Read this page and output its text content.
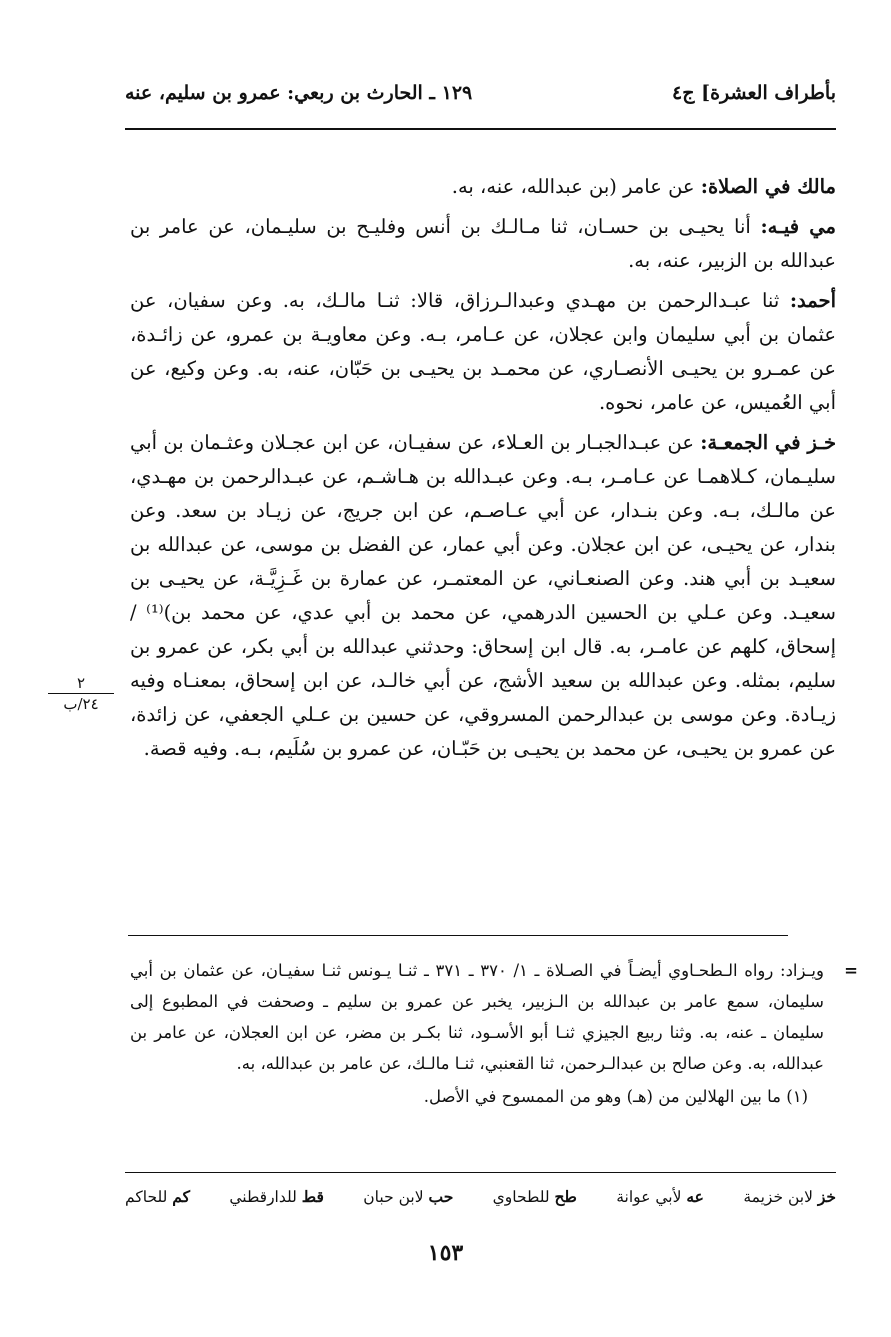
بأطراف العشرة] ج٤
١٢٩ ـ الحارث بن ربعي: عمرو بن سليم، عنه

مالك في الصلاة: عن عامر (بن عبدالله، عنه، به.

مي فيـه: أنا يحيـى بن حسـان، ثنا مـالـك بن أنس وفليـح بن سليـمان، عن عامر بن عبدالله بن الزبير، عنه، به.

أحمد: ثنا عبـدالرحمن بن مهـدي وعبدالـرزاق، قالا: ثنـا مالـك، به. وعن سفيان، عن عثمان بن أبي سليمان وابن عجلان، عن عـامر، بـه. وعن معاويـة بن عمرو، عن زائـدة، عن عمـرو بن يحيـى الأنصـاري، عن محمـد بن يحيـى بن حَبّان، عنه، به. وعن وكيع، عن أبي العُميس، عن عامر، نحوه.

خـز في الجمعـة: عن عبـدالجبـار بن العـلاء، عن سفيـان، عن ابن عجـلان وعثـمان بن أبي سليـمان، كـلاهمـا عن عـامـر، بـه. وعن عبـدالله بن هـاشـم، عن عبـدالرحمن بن مهـدي، عن مالـك، بـه. وعن بنـدار، عن أبي عـاصـم، عن ابن جريج، عن زيـاد بن سعد. وعن بندار، عن يحيـى، عن ابن عجلان. وعن أبي عمار، عن الفضل بن موسى، عن عبدالله بن سعيـد بن أبي هند. وعن الصنعـاني، عن المعتمـر، عن عمارة بن غَـزِيَّـة، عن يحيـى بن سعيـد. وعن عـلي بن الحسين الدرهمي، عن محمد بن أبي عدي، عن محمد بن)⁽¹⁾ / إسحاق، كلهم عن عامـر، به. قال ابن إسحاق: وحدثني عبدالله بن أبي بكر، عن عمرو بن سليم، بمثله. وعن عبدالله بن سعيد الأشج، عن أبي خالـد، عن ابن إسحاق، بمعنـاه وفيه زيـادة. وعن موسى بن عبدالرحمن المسروقي، عن حسين بن عـلي الجعفي، عن زائدة، عن عمرو بن يحيـى، عن محمد بن يحيـى بن حَبّـان، عن عمرو بن سُلَيم، بـه. وفيه قصة.

٢
٢٤/ب
=

ويـزاد: رواه الـطحـاوي أيضـاً في الصـلاة ـ ١/ ٣٧٠ ـ ٣٧١ ـ ثنـا يـونس ثنـا سفيـان، عن عثمان بن أبي سليمان، سمع عامر بن عبدالله بن الـزبير، يخبر عن عمرو بن سليم ـ وصحفت في المطبوع إلى سليمان ـ عنه، به. وثنا ربيع الجيزي ثنـا أبو الأسـود، ثنا بكـر بن مضر، عن ابن العجلان، عن عامر بن عبدالله، به. وعن صالح بن عبدالـرحمن، ثنا القعنبي، ثنـا مالـك، عن عامر بن عبدالله، به.

(١) ما بين الهلالين من (هـ) وهو من الممسوح في الأصل.

خز لابن خزيمة
عه لأبي عوانة
طح للطحاوي
حب لابن حبان
قط للدارقطني
كم للحاكم
١٥٣
